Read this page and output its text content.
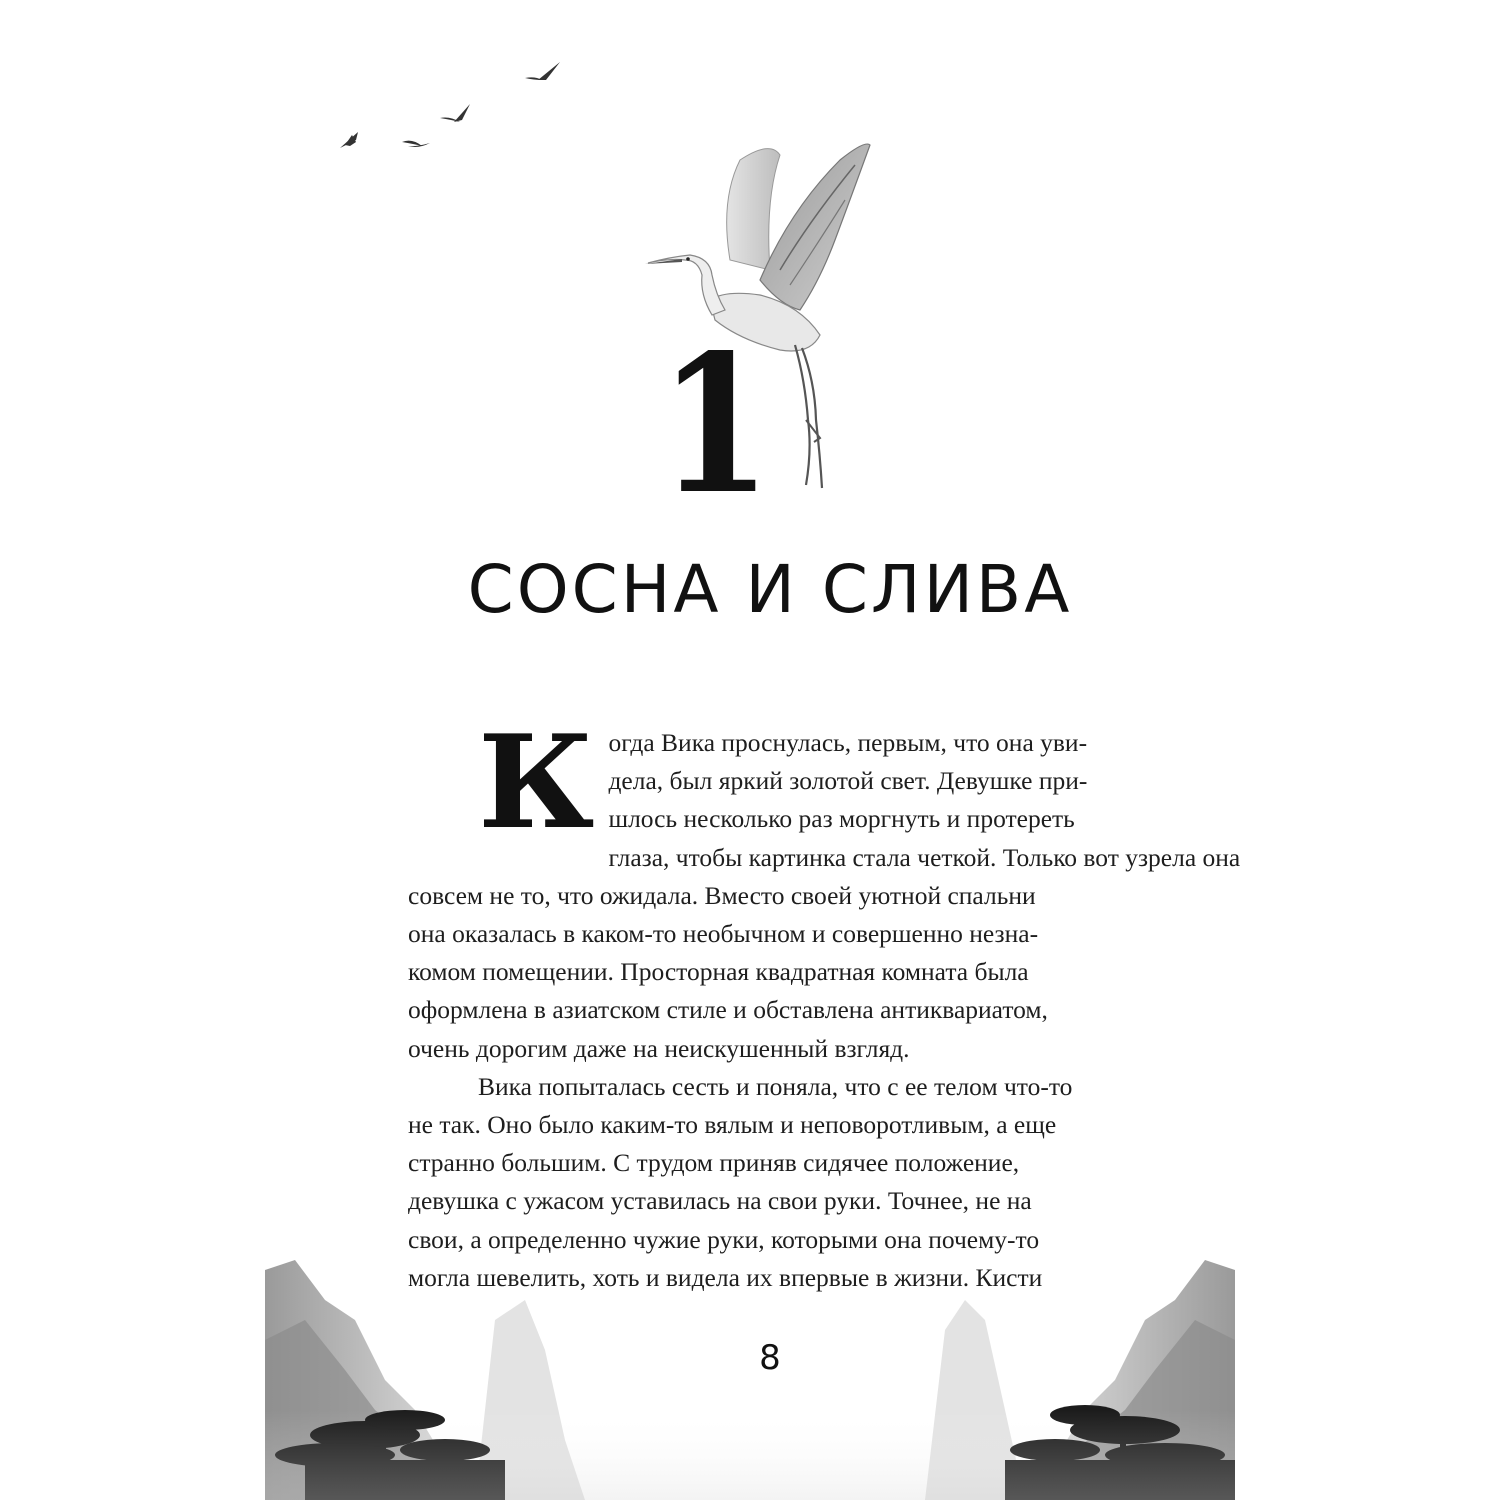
1
СОСНА И СЛИВА
К огда Вика проснулась, первым, что она уви-
дела, был яркий золотой свет. Девушке при-
шлось несколько раз моргнуть и протереть
глаза, чтобы картинка стала четкой. Только вот узрела она
совсем не то, что ожидала. Вместо своей уютной спальни
она оказалась в каком-то необычном и совершенно незна-
комом помещении. Просторная квадратная комната была
оформлена в азиатском стиле и обставлена антиквариатом,
очень дорогим даже на неискушенный взгляд.
Вика попыталась сесть и поняла, что с ее телом что-то
не так. Оно было каким-то вялым и неповоротливым, а еще
странно большим. С трудом приняв сидячее положение,
девушка с ужасом уставилась на свои руки. Точнее, не на
свои, а определенно чужие руки, которыми она почему-то
могла шевелить, хоть и видела их впервые в жизни. Кисти
8
